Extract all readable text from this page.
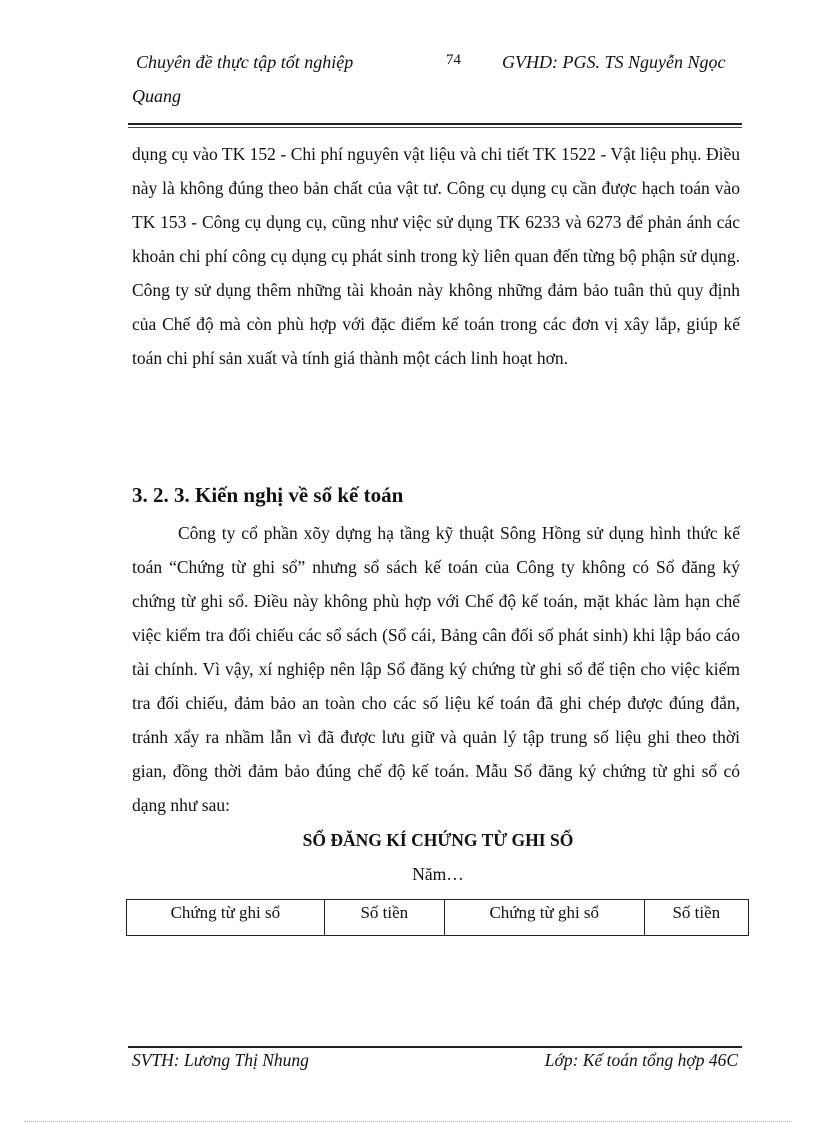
Chuyên đề thực tập tốt nghiệp	74 GVHD: PGS. TS Nguyễn Ngọc
Quang

dụng cụ vào TK 152 - Chi phí nguyên vật liệu và chi tiết TK 1522 - Vật liệu phụ. Điều này là không đúng theo bản chất của vật tư. Công cụ dụng cụ cần được hạch toán vào TK 153 - Công cụ dụng cụ, cũng như việc sử dụng TK 6233 và 6273 để phản ánh các khoản chi phí công cụ dụng cụ phát sinh trong kỳ liên quan đến từng bộ phận sử dụng. Công ty sử dụng thêm những tài khoản này không những đảm bảo tuân thủ quy định của Chế độ mà còn phù hợp với đặc điểm kế toán trong các đơn vị xây lắp, giúp kế toán chi phí sản xuất và tính giá thành một cách linh hoạt hơn.

3. 2. 3. Kiến nghị về sổ kế toán

Công ty cổ phần xõy dựng hạ tầng kỹ thuật Sông Hồng sử dụng hình thức kế toán “Chứng từ ghi sổ” nhưng sổ sách kế toán của Công ty không có Sổ đăng ký chứng từ ghi sổ. Điều này không phù hợp với Chế độ kế toán, mặt khác làm hạn chế việc kiểm tra đối chiếu các sổ sách (Sổ cái, Bảng cân đối số phát sinh) khi lập báo cáo tài chính. Vì vậy, xí nghiệp nên lập Sổ đăng ký chứng từ ghi sổ để tiện cho việc kiểm tra đối chiếu, đảm bảo an toàn cho các số liệu kế toán đã ghi chép được đúng đắn, tránh xẩy ra nhầm lẫn vì đã được lưu giữ và quản lý tập trung số liệu ghi theo thời gian, đồng thời đảm bảo đúng chế độ kế toán. Mẫu Sổ đăng ký chứng từ ghi sổ có dạng như sau:

SỔ ĐĂNG KÍ CHỨNG TỪ GHI SỔ
Năm…
Chứng từ ghi sổ	Số tiền	Chứng từ ghi sổ	Số tiền
SVTH: Lương Thị Nhung	Lớp: Kế toán tổng hợp 46C
